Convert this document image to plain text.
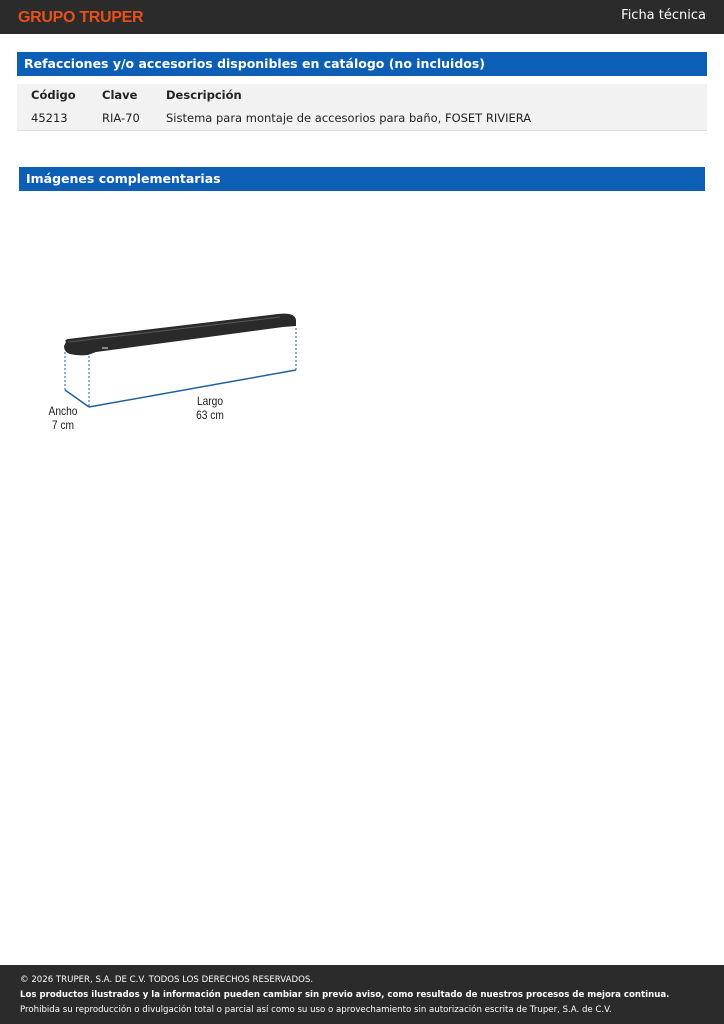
GRUPO TRUPER	Ficha técnica
Refacciones y/o accesorios disponibles en catálogo (no incluidos)
Código Clave Descripción
45213	RIA-70 Sistema para montaje de accesorios para baño, FOSET RIVIERA
Imágenes complementarias
Ancho
7 cm
Largo
63 cm
© 2026 TRUPER, S.A. DE C.V. TODOS LOS DERECHOS RESERVADOS.
Los productos ilustrados y la información pueden cambiar sin previo aviso, como resultado de nuestros procesos de mejora continua.
Prohibida su reproducción o divulgación total o parcial así como su uso o aprovechamiento sin autorización escrita de Truper, S.A. de C.V.
